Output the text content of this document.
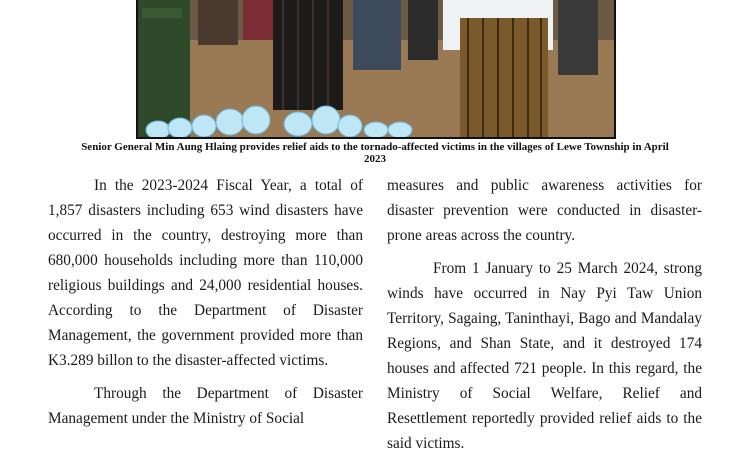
Senior General Min Aung Hlaing provides relief aids to the tornado-affected victims in the villages of Lewe Township in April 2023

In the 2023-2024 Fiscal Year, a total of 1,857 disasters including 653 wind disasters have occurred in the country, destroying more than 680,000 households including more than 110,000 religious buildings and 24,000 residential houses. According to the Department of Disaster Management, the government provided more than K3.289 billon to the disaster-affected victims.

Through the Department of Disaster Management under the Ministry of Social

measures and public awareness activities for disaster prevention were conducted in disaster-prone areas across the country.

From 1 January to 25 March 2024, strong winds have occurred in Nay Pyi Taw Union Territory, Sagaing, Taninthayi, Bago and Mandalay Regions, and Shan State, and it destroyed 174 houses and affected 721 people. In this regard, the Ministry of Social Welfare, Relief and Resettlement reportedly provided relief aids to the said victims.
